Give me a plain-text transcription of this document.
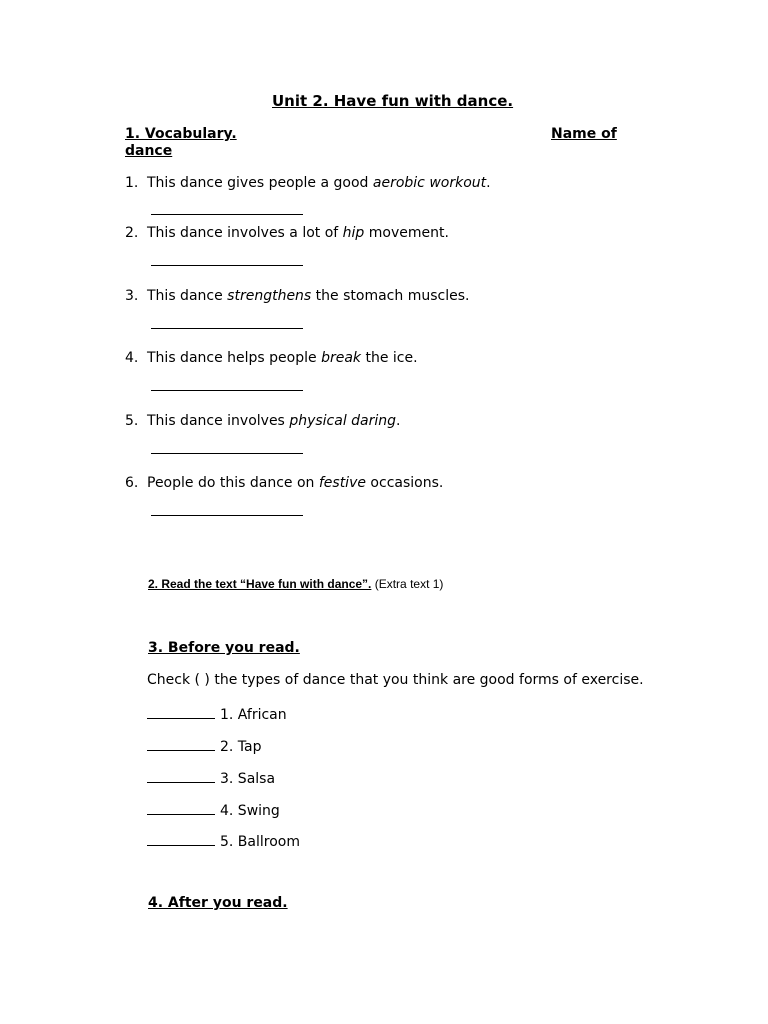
Unit 2. Have fun with dance.
1. Vocabulary.	Name of
dance
1. This dance gives people a good aerobic workout.
2. This dance involves a lot of hip movement.
3. This dance strengthens the stomach muscles.
4. This dance helps people break the ice.
5. This dance involves physical daring.
6. People do this dance on festive occasions.
2. Read the text “Have fun with dance”. (Extra text 1)
3. Before you read.
Check ( ) the types of dance that you think are good forms of exercise.
1. African
2. Tap
3. Salsa
4. Swing
5. Ballroom
4. After you read.
